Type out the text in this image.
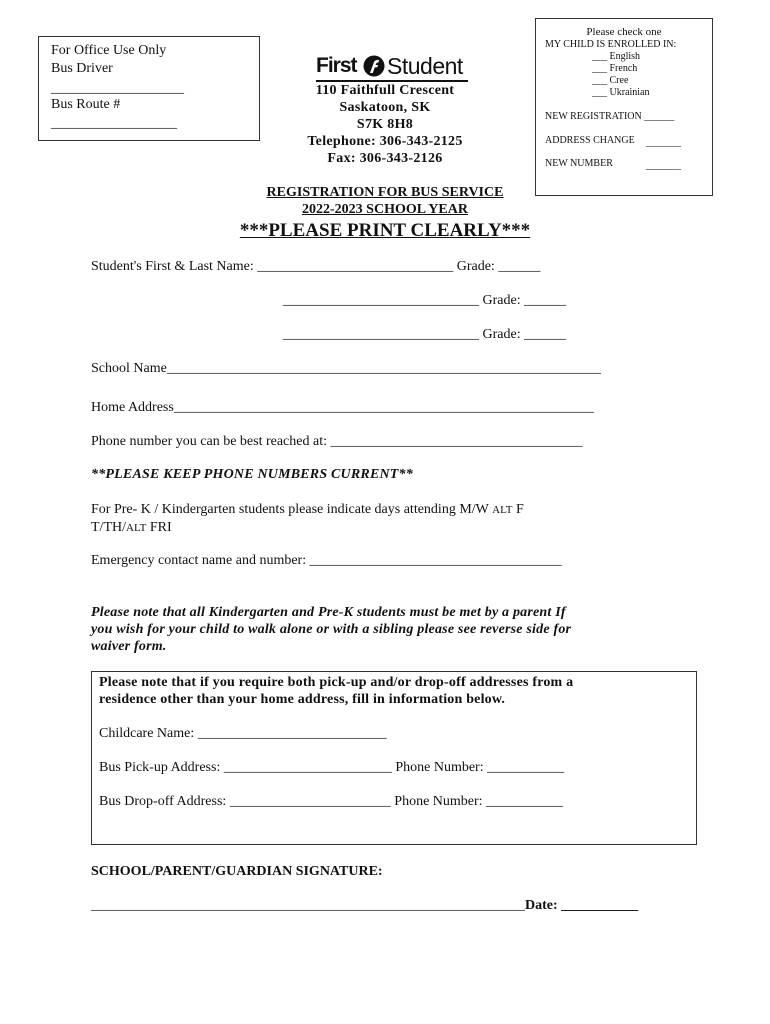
For Office Use Only
Bus Driver
___________________
Bus Route #
__________________
Please check one
MY CHILD IS ENROLLED IN:
___ English
___ French
___ Cree
___ Ukrainian
NEW REGISTRATION ______
ADDRESS CHANGE _______
NEW NUMBER	_______
First Student
110 Faithfull Crescent
Saskatoon, SK
S7K 8H8
Telephone: 306-343-2125
Fax: 306-343-2126
REGISTRATION FOR BUS SERVICE
2022-2023 SCHOOL YEAR
***PLEASE PRINT CLEARLY***
Student's First & Last Name: ____________________________ Grade: ______
____________________________ Grade: ______
____________________________ Grade: ______
School Name______________________________________________________________
Home Address____________________________________________________________
Phone number you can be best reached at: ____________________________________
**PLEASE KEEP PHONE NUMBERS CURRENT**
For Pre- K / Kindergarten students please indicate days attending M/W ALT F
T/TH/ALT FRI
Emergency contact name and number: ____________________________________
Please note that all Kindergarten and Pre-K students must be met by a parent If
you wish for your child to walk alone or with a sibling please see reverse side for
waiver form.
Please note that if you require both pick-up and/or drop-off addresses from a
residence other than your home address, fill in information below.
Childcare Name: ___________________________
Bus Pick-up Address: ________________________ Phone Number: ___________
Bus Drop-off Address: _______________________ Phone Number: ___________
SCHOOL/PARENT/GUARDIAN SIGNATURE:
______________________________________________________________Date: ___________
